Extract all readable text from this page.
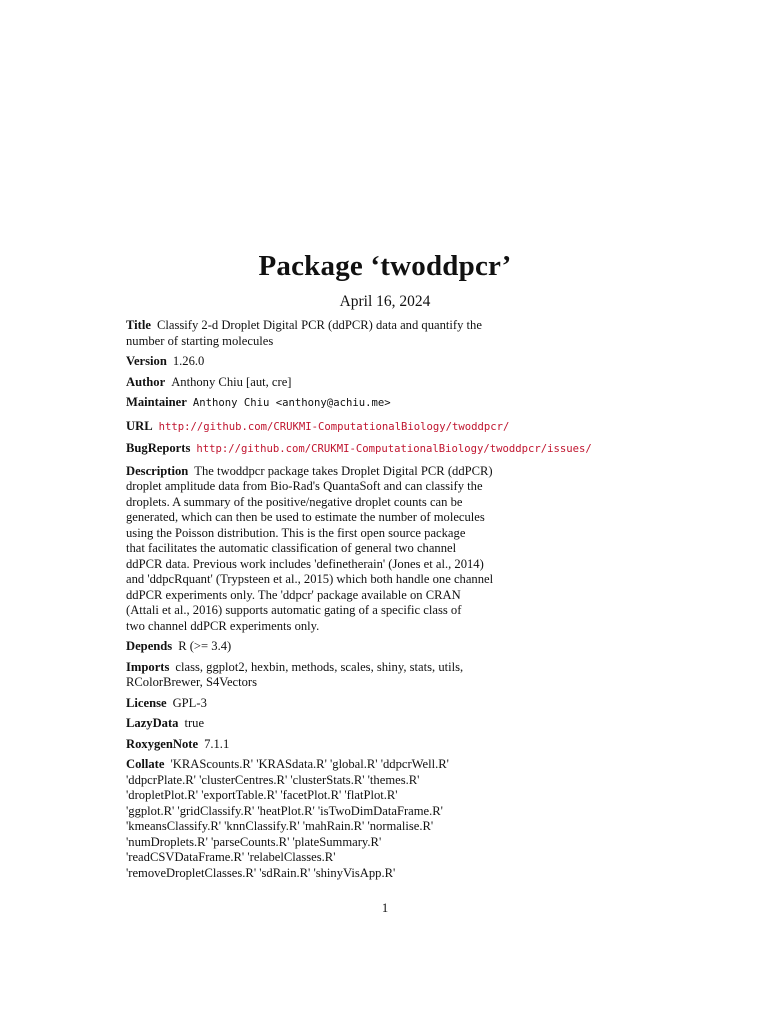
Package ‘twoddpcr’
April 16, 2024
Title Classify 2-d Droplet Digital PCR (ddPCR) data and quantify the
number of starting molecules
Version 1.26.0
Author Anthony Chiu [aut, cre]
Maintainer Anthony Chiu <anthony@achiu.me>
URL http://github.com/CRUKMI-ComputationalBiology/twoddpcr/
BugReports http://github.com/CRUKMI-ComputationalBiology/twoddpcr/issues/
Description The twoddpcr package takes Droplet Digital PCR (ddPCR)
droplet amplitude data from Bio-Rad's QuantaSoft and can classify the
droplets. A summary of the positive/negative droplet counts can be
generated, which can then be used to estimate the number of molecules
using the Poisson distribution. This is the first open source package
that facilitates the automatic classification of general two channel
ddPCR data. Previous work includes 'definetherain' (Jones et al., 2014)
and 'ddpcRquant' (Trypsteen et al., 2015) which both handle one channel
ddPCR experiments only. The 'ddpcr' package available on CRAN
(Attali et al., 2016) supports automatic gating of a specific class of
two channel ddPCR experiments only.
Depends R (>= 3.4)
Imports class, ggplot2, hexbin, methods, scales, shiny, stats, utils,
RColorBrewer, S4Vectors
License GPL-3
LazyData true
RoxygenNote 7.1.1
Collate 'KRAScounts.R' 'KRASdata.R' 'global.R' 'ddpcrWell.R'
'ddpcrPlate.R' 'clusterCentres.R' 'clusterStats.R' 'themes.R'
'dropletPlot.R' 'exportTable.R' 'facetPlot.R' 'flatPlot.R'
'ggplot.R' 'gridClassify.R' 'heatPlot.R' 'isTwoDimDataFrame.R'
'kmeansClassify.R' 'knnClassify.R' 'mahRain.R' 'normalise.R'
'numDroplets.R' 'parseCounts.R' 'plateSummary.R'
'readCSVDataFrame.R' 'relabelClasses.R'
'removeDropletClasses.R' 'sdRain.R' 'shinyVisApp.R'
1
